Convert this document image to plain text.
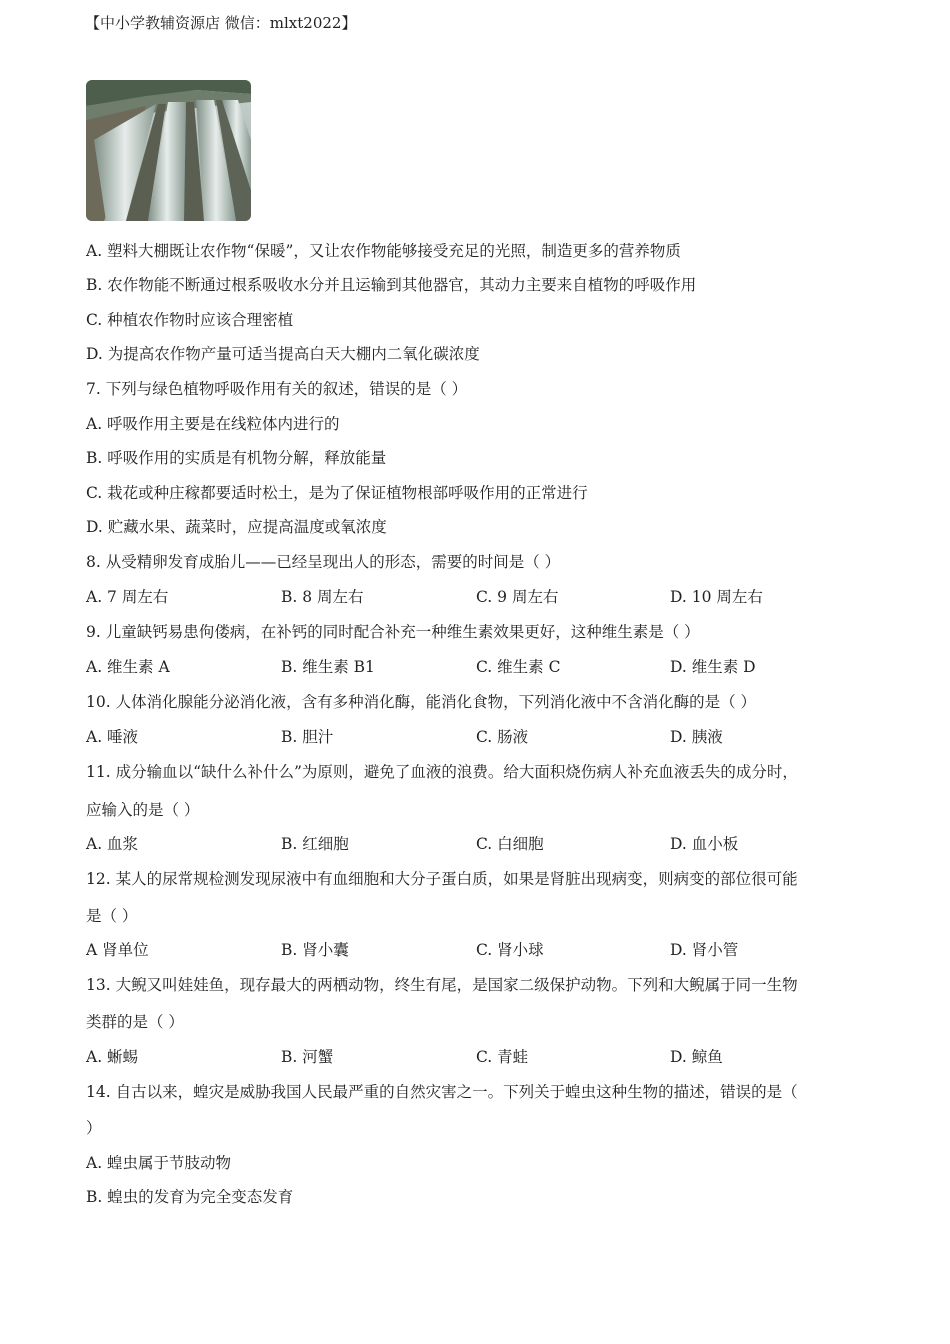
【中小学教辅资源店 微信：mlxt2022】
A. 塑料大棚既让农作物“保暖”，又让农作物能够接受充足的光照，制造更多的营养物质
B. 农作物能不断通过根系吸收水分并且运输到其他器官，其动力主要来自植物的呼吸作用
C. 种植农作物时应该合理密植
D. 为提高农作物产量可适当提高白天大棚内二氧化碳浓度
7. 下列与绿色植物呼吸作用有关的叙述，错误的是（ ）
A. 呼吸作用主要是在线粒体内进行的
B. 呼吸作用的实质是有机物分解，释放能量
C. 栽花或种庄稼都要适时松土，是为了保证植物根部呼吸作用的正常进行
D. 贮藏水果、蔬菜时，应提高温度或氧浓度
8. 从受精卵发育成胎儿——已经呈现出人的形态，需要的时间是（ ）
A. 7 周左右	B. 8 周左右	C. 9 周左右	D. 10 周左右
9. 儿童缺钙易患佝偻病，在补钙的同时配合补充一种维生素效果更好，这种维生素是（ ）
A. 维生素 A	B. 维生素 B1	C. 维生素 C	D. 维生素 D
10. 人体消化腺能分泌消化液，含有多种消化酶，能消化食物，下列消化液中不含消化酶的是（ ）
A. 唾液	B. 胆汁	C. 肠液	D. 胰液
11. 成分输血以“缺什么补什么”为原则，避免了血液的浪费。给大面积烧伤病人补充血液丢失的成分时，
应输入的是（ ）
A. 血浆	B. 红细胞	C. 白细胞	D. 血小板
12. 某人的尿常规检测发现尿液中有血细胞和大分子蛋白质，如果是肾脏出现病变，则病变的部位很可能
是（ ）
A 肾单位	B. 肾小囊	C. 肾小球	D. 肾小管
13. 大鲵又叫娃娃鱼，现存最大的两栖动物，终生有尾，是国家二级保护动物。下列和大鲵属于同一生物
类群的是（ ）
A. 蜥蜴	B. 河蟹	C. 青蛙	D. 鲸鱼
14. 自古以来，蝗灾是威胁我国人民最严重的自然灾害之一。下列关于蝗虫这种生物的描述，错误的是（
）
A. 蝗虫属于节肢动物
B. 蝗虫的发育为完全变态发育
